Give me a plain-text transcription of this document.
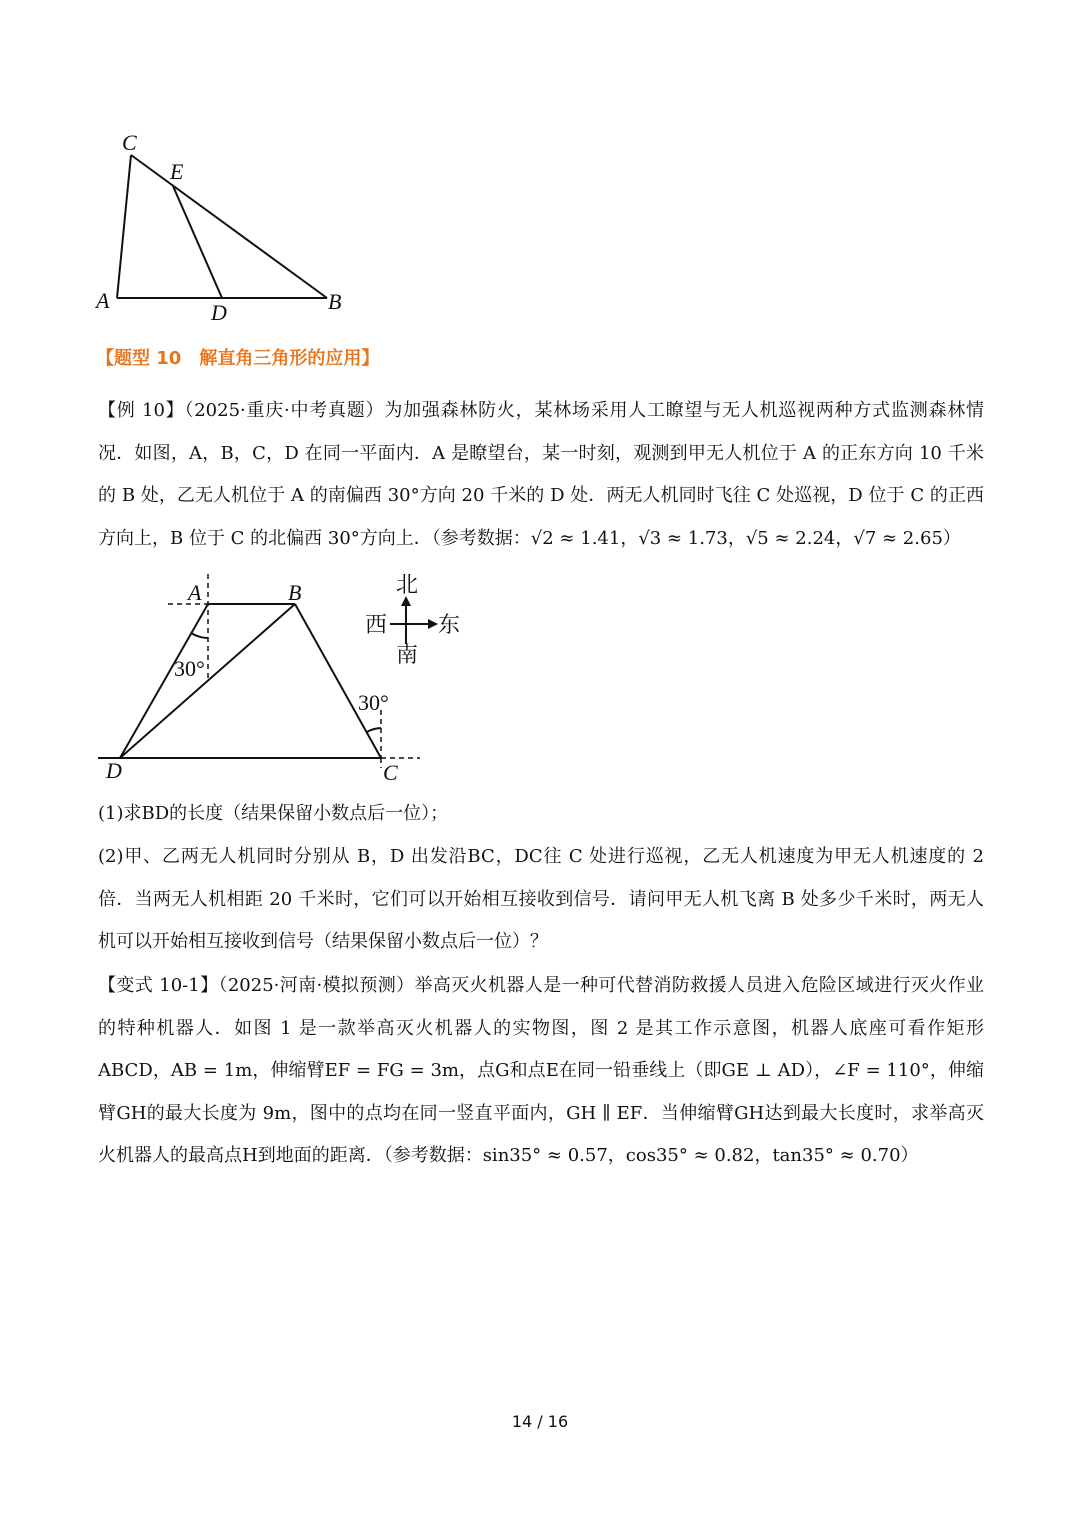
C
E
A	D	B
【题型 10　解直角三角形的应用】

【例 10】（2025·重庆·中考真题）为加强森林防火，某林场采用人工瞭望与无人机巡视两种方式监测森林情况．如图，A，B，C，D 在同一平面内．A 是瞭望台，某一时刻，观测到甲无人机位于 A 的正东方向 10 千米的 B 处，乙无人机位于 A 的南偏西 30°方向 20 千米的 D 处．两无人机同时飞往 C 处巡视，D 位于 C 的正西方向上，B 位于 C 的北偏西 30°方向上．（参考数据：√2 ≈ 1.41，√3 ≈ 1.73，√5 ≈ 2.24，√7 ≈ 2.65）

A	B
D	C
30°
30°
北
西 东
南

(1)求BD的长度（结果保留小数点后一位）；

(2)甲、乙两无人机同时分别从 B，D 出发沿BC，DC往 C 处进行巡视，乙无人机速度为甲无人机速度的 2 倍．当两无人机相距 20 千米时，它们可以开始相互接收到信号．请问甲无人机飞离 B 处多少千米时，两无人机可以开始相互接收到信号（结果保留小数点后一位）？

【变式 10-1】（2025·河南·模拟预测）举高灭火机器人是一种可代替消防救援人员进入危险区域进行灭火作业的特种机器人．如图 1 是一款举高灭火机器人的实物图，图 2 是其工作示意图，机器人底座可看作矩形ABCD，AB = 1m，伸缩臂EF = FG = 3m，点G和点E在同一铅垂线上（即GE ⊥ AD），∠F = 110°，伸缩臂GH的最大长度为 9m，图中的点均在同一竖直平面内，GH ∥ EF．当伸缩臂GH达到最大长度时，求举高灭火机器人的最高点H到地面的距离．（参考数据：sin35° ≈ 0.57，cos35° ≈ 0.82，tan35° ≈ 0.70）

14 / 16
